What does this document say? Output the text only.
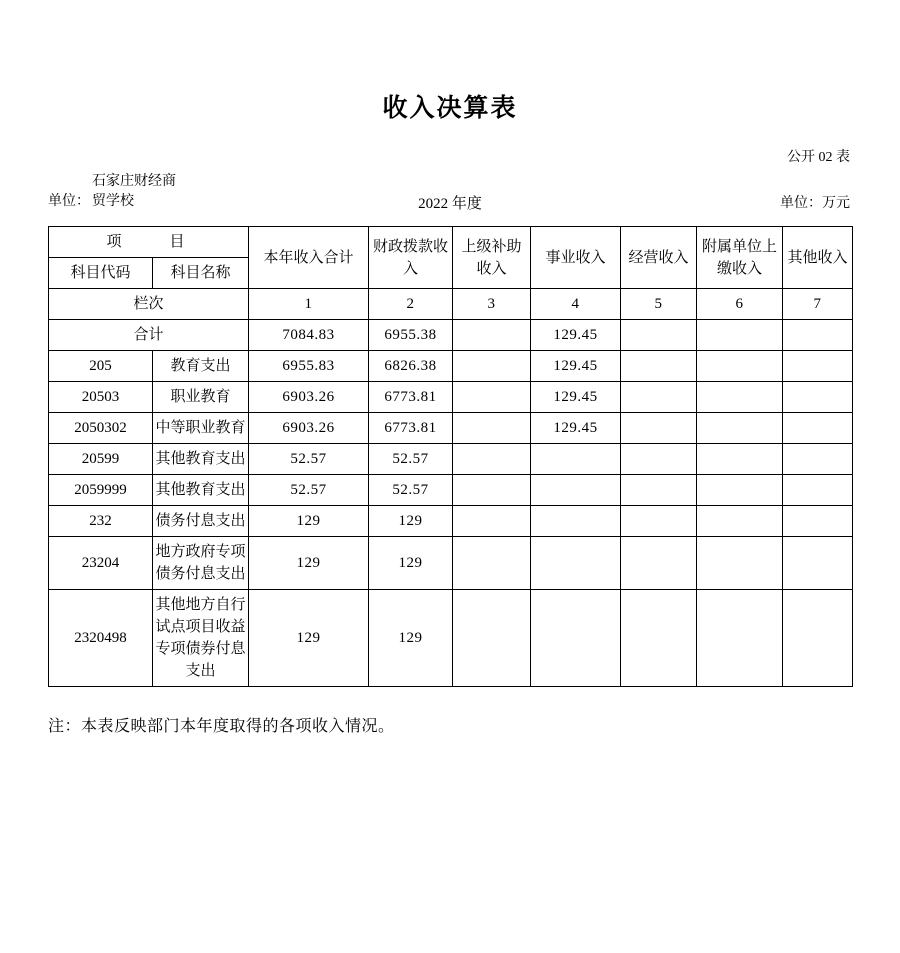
收入决算表
公开 02 表
单位：
石家庄财经商贸学校	2022 年度	单位：万元
项　　目		本年收入合计	财政拨款收入	上级补助收入	事业收入	经营收入	附属单位上缴收入	其他收入
科目代码	科目名称							
栏次		1	2	3	4	5	6	7
合计		7084.83	6955.38		129.45			
205	教育支出	6955.83	6826.38		129.45			
20503	职业教育	6903.26	6773.81		129.45			
2050302	中等职业教育	6903.26	6773.81		129.45			
20599	其他教育支出	52.57	52.57					
2059999	其他教育支出	52.57	52.57					
232	债务付息支出	129	129					
23204	地方政府专项债务付息支出	129	129					
2320498	其他地方自行试点项目收益专项债券付息支出	129	129					
注：本表反映部门本年度取得的各项收入情况。
